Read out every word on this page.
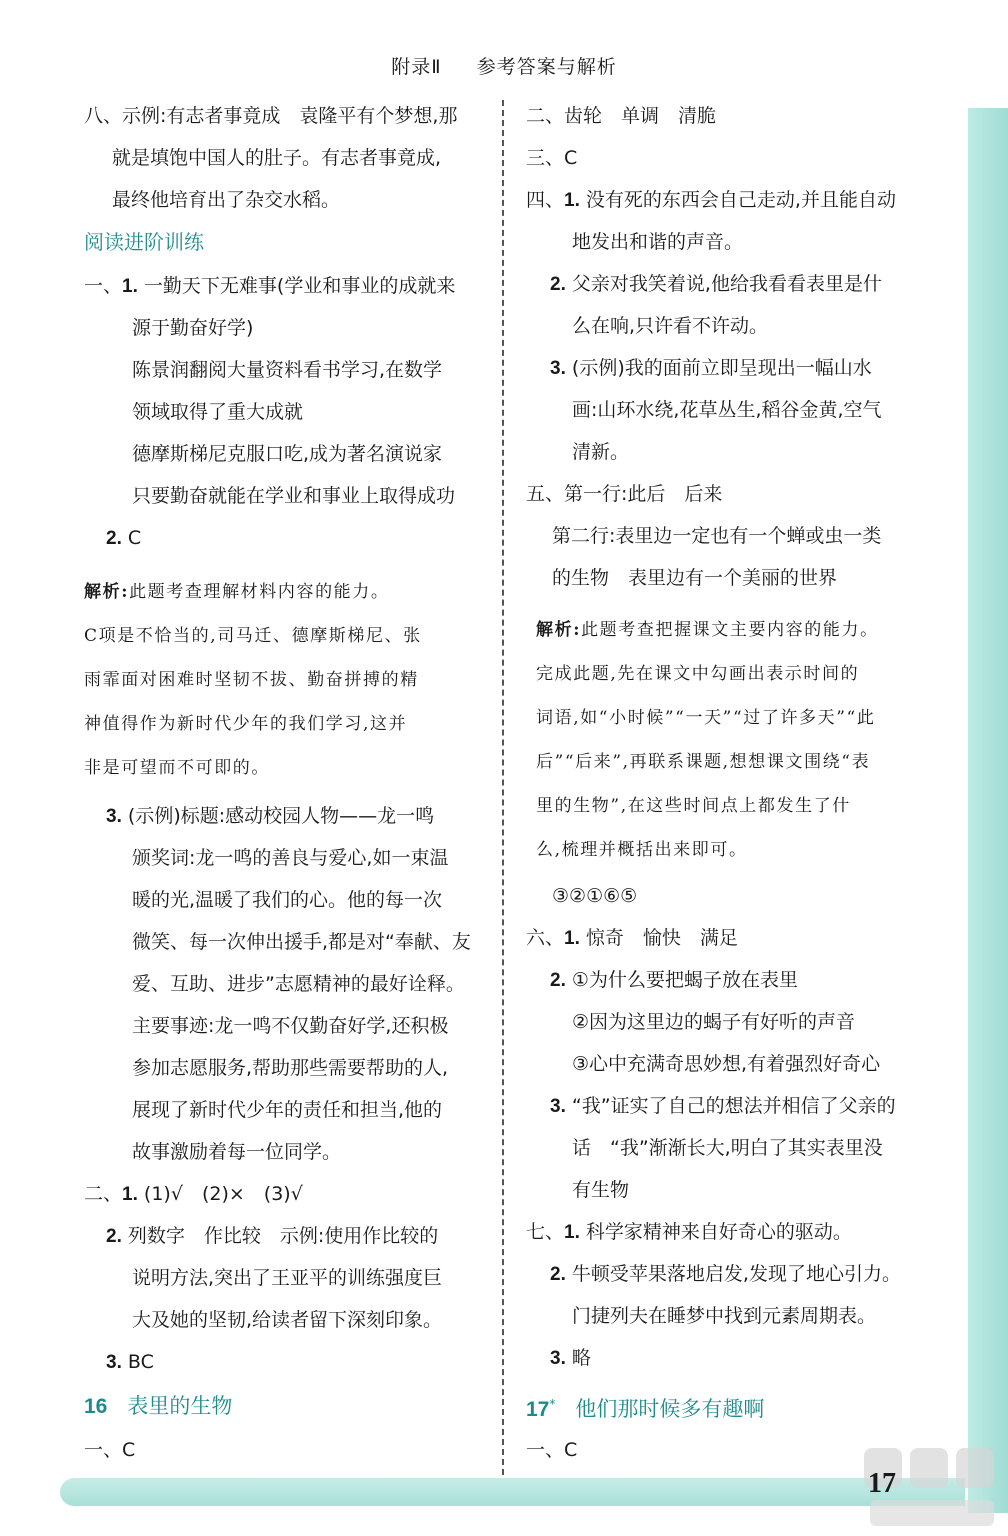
附录Ⅱ 参考答案与解析
八、示例:有志者事竟成　袁隆平有个梦想,那
就是填饱中国人的肚子。有志者事竟成,
最终他培育出了杂交水稻。
阅读进阶训练
一、1. 一勤天下无难事(学业和事业的成就来
源于勤奋好学)
陈景润翻阅大量资料看书学习,在数学
领域取得了重大成就
德摩斯梯尼克服口吃,成为著名演说家
只要勤奋就能在学业和事业上取得成功
2. C
解析:此题考查理解材料内容的能力。
C项是不恰当的,司马迁、德摩斯梯尼、张
雨霏面对困难时坚韧不拔、勤奋拼搏的精
神值得作为新时代少年的我们学习,这并
非是可望而不可即的。
3. (示例)标题:感动校园人物——龙一鸣
颁奖词:龙一鸣的善良与爱心,如一束温
暖的光,温暖了我们的心。他的每一次
微笑、每一次伸出援手,都是对“奉献、友
爱、互助、进步”志愿精神的最好诠释。
主要事迹:龙一鸣不仅勤奋好学,还积极
参加志愿服务,帮助那些需要帮助的人,
展现了新时代少年的责任和担当,他的
故事激励着每一位同学。
二、1. (1)√　(2)×　(3)√
2. 列数字　作比较　示例:使用作比较的
说明方法,突出了王亚平的训练强度巨
大及她的坚韧,给读者留下深刻印象。
3. BC
16 表里的生物
一、C
二、齿轮　单调　清脆
三、C
四、1. 没有死的东西会自己走动,并且能自动
地发出和谐的声音。
2. 父亲对我笑着说,他给我看看表里是什
么在响,只许看不许动。
3. (示例)我的面前立即呈现出一幅山水
画:山环水绕,花草丛生,稻谷金黄,空气
清新。
五、第一行:此后　后来
第二行:表里边一定也有一个蝉或虫一类
的生物　表里边有一个美丽的世界
解析:此题考查把握课文主要内容的能力。
完成此题,先在课文中勾画出表示时间的
词语,如“小时候”“一天”“过了许多天”“此
后”“后来”,再联系课题,想想课文围绕“表
里的生物”,在这些时间点上都发生了什
么,梳理并概括出来即可。
③②①⑥⑤
六、1. 惊奇　愉快　满足
2. ①为什么要把蝎子放在表里
②因为这里边的蝎子有好听的声音
③心中充满奇思妙想,有着强烈好奇心
3. “我”证实了自己的想法并相信了父亲的
话　“我”渐渐长大,明白了其实表里没
有生物
七、1. 科学家精神来自好奇心的驱动。
2. 牛顿受苹果落地启发,发现了地心引力。
门捷列夫在睡梦中找到元素周期表。
3. 略
17* 他们那时候多有趣啊
一、C
17
